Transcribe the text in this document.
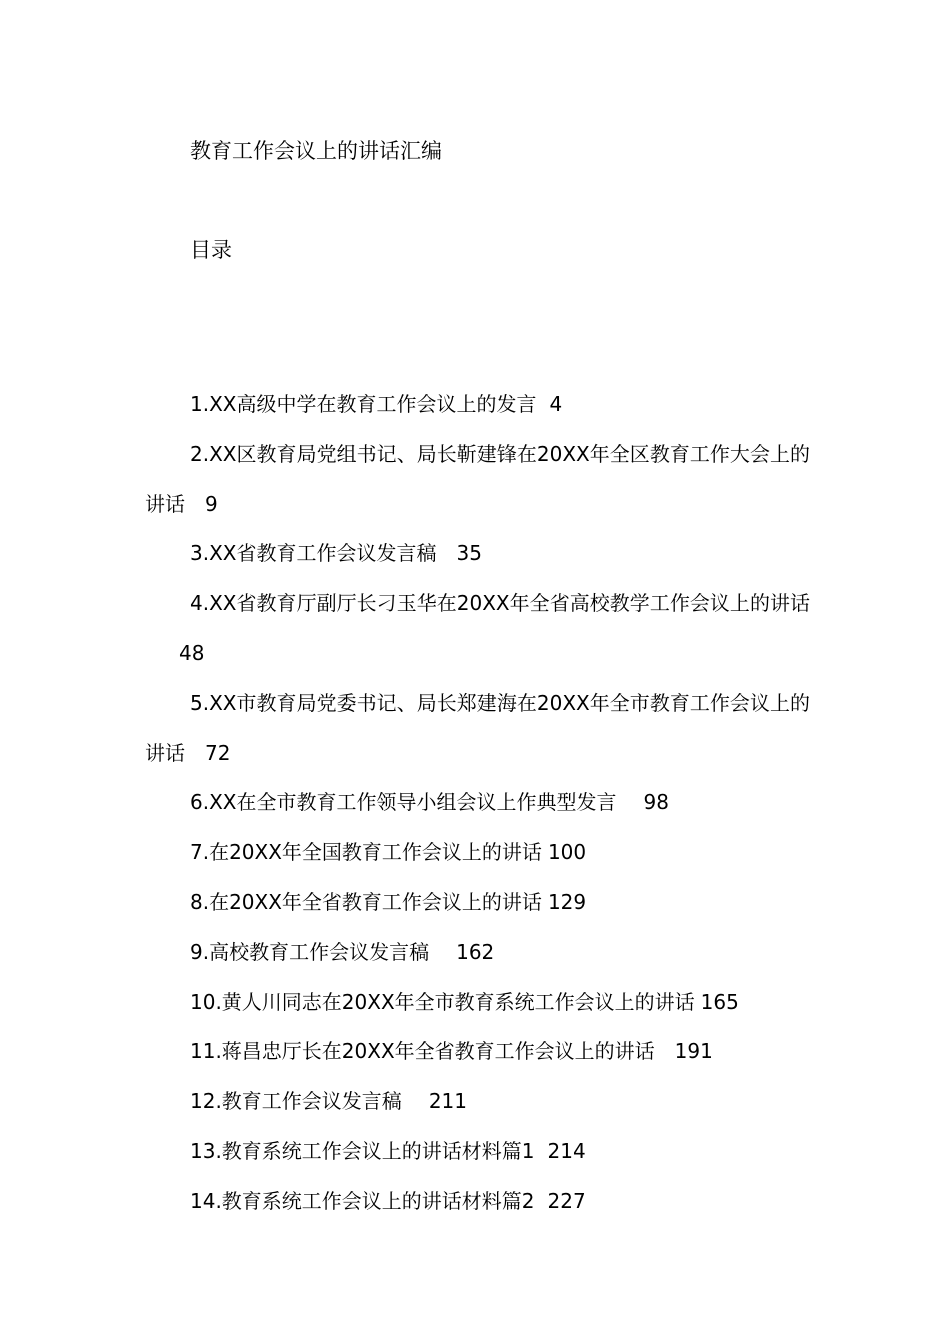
教育工作会议上的讲话汇编
目录
1.XX高级中学在教育工作会议上的发言 4
2.XX区教育局党组书记、局长靳建锋在20XX年全区教育工作大会上的讲话 9
3.XX省教育工作会议发言稿 35
4.XX省教育厅副厅长刁玉华在20XX年全省高校教学工作会议上的讲话48
5.XX市教育局党委书记、局长郑建海在20XX年全市教育工作会议上的讲话 72
6.XX在全市教育工作领导小组会议上作典型发言 98
7.在20XX年全国教育工作会议上的讲话 100
8.在20XX年全省教育工作会议上的讲话 129
9.高校教育工作会议发言稿 162
10.黄人川同志在20XX年全市教育系统工作会议上的讲话 165
11.蒋昌忠厅长在20XX年全省教育工作会议上的讲话 191
12.教育工作会议发言稿 211
13.教育系统工作会议上的讲话材料篇1 214
14.教育系统工作会议上的讲话材料篇2 227
